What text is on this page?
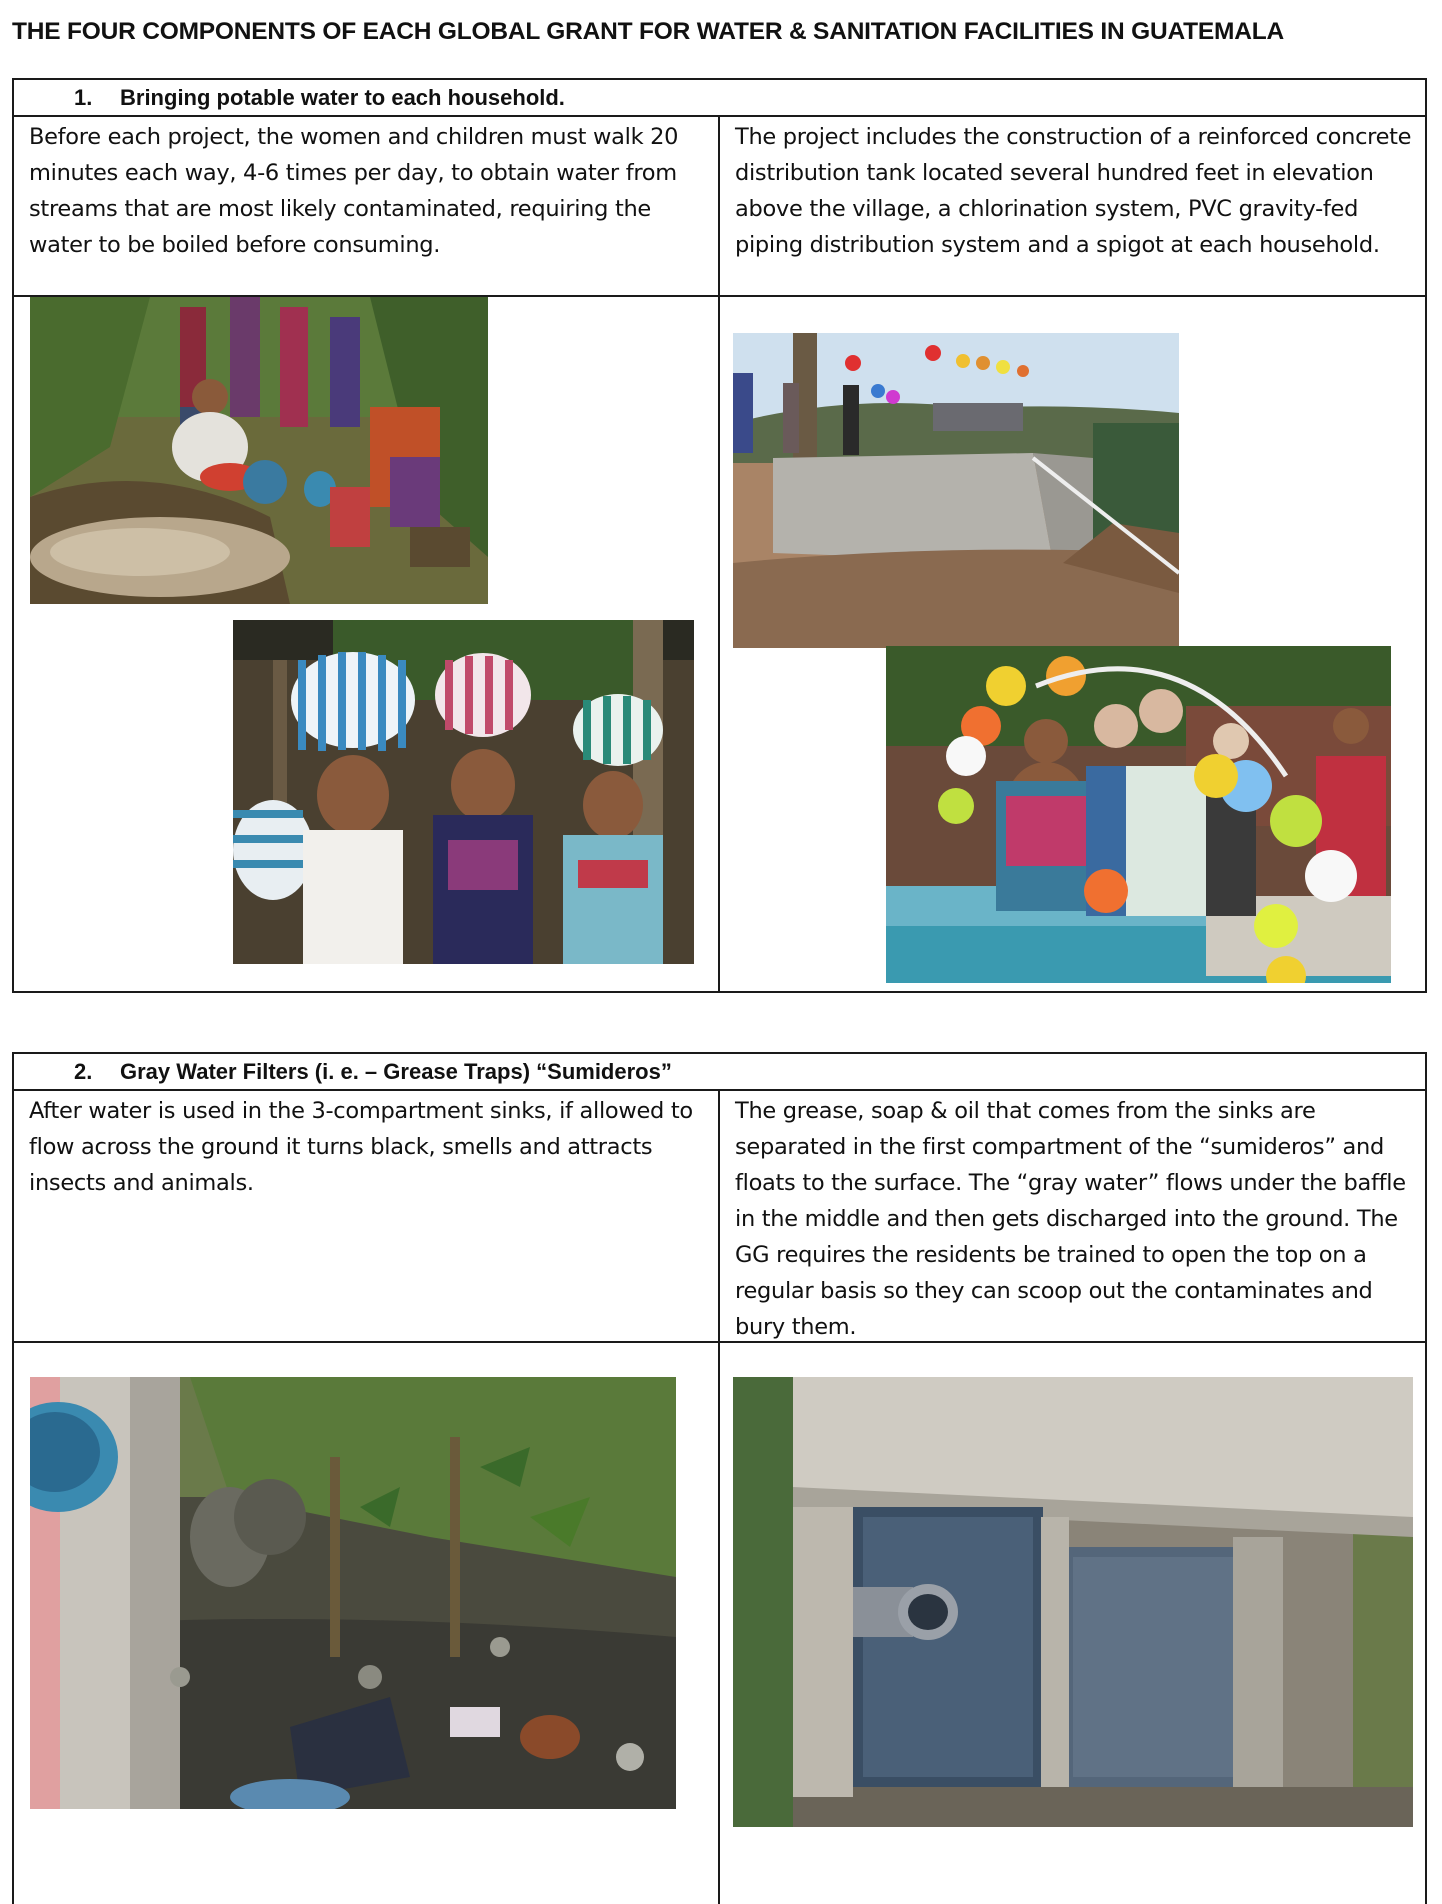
THE FOUR COMPONENTS OF EACH GLOBAL GRANT FOR WATER & SANITATION FACILITIES IN GUATEMALA
1.	Bringing potable water to each household.
Before each project, the women and children must walk 20 minutes each way, 4-6 times per day, to obtain water from streams that are most likely contaminated, requiring the water to be boiled before consuming.
The project includes the construction of a reinforced concrete distribution tank located several hundred feet in elevation above the village, a chlorination system, PVC gravity-fed piping distribution system and a spigot at each household.
2.	Gray Water Filters (i. e. – Grease Traps) “Sumideros”
After water is used in the 3-compartment sinks, if allowed to flow across the ground it turns black, smells and attracts insects and animals.
The grease, soap & oil that comes from the sinks are separated in the first compartment of the “sumideros” and floats to the surface. The “gray water” flows under the baffle in the middle and then gets discharged into the ground. The GG requires the residents be trained to open the top on a regular basis so they can scoop out the contaminates and bury them.
